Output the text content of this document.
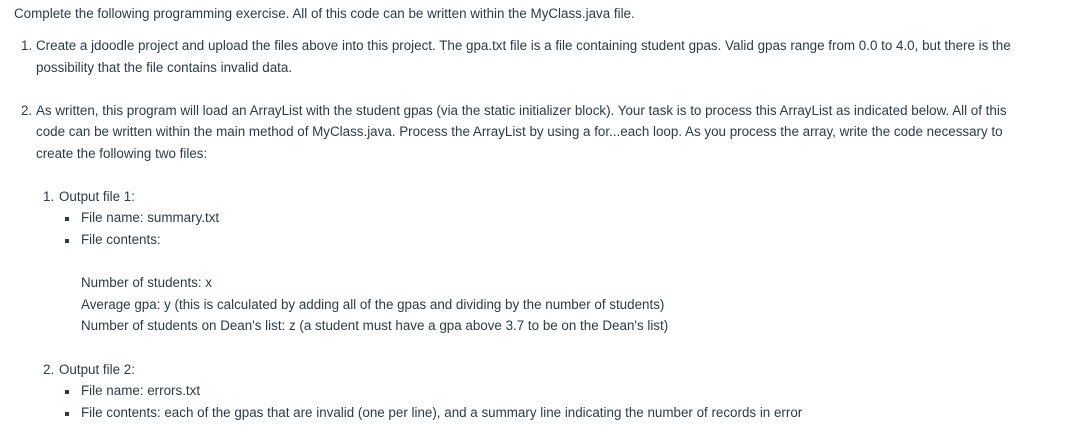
Complete the following programming exercise. All of this code can be written within the MyClass.java file.
1. Create a jdoodle project and upload the files above into this project. The gpa.txt file is a file containing student gpas. Valid gpas range from 0.0 to 4.0, but there is the
possibility that the file contains invalid data.
2. As written, this program will load an ArrayList with the student gpas (via the static initializer block). Your task is to process this ArrayList as indicated below. All of this
code can be written within the main method of MyClass.java. Process the ArrayList by using a for...each loop. As you process the array, write the code necessary to
create the following two files:
1. Output file 1:
File name: summary.txt
File contents:
Number of students: x
Average gpa: y (this is calculated by adding all of the gpas and dividing by the number of students)
Number of students on Dean's list: z (a student must have a gpa above 3.7 to be on the Dean's list)
2. Output file 2:
File name: errors.txt
File contents: each of the gpas that are invalid (one per line), and a summary line indicating the number of records in error
